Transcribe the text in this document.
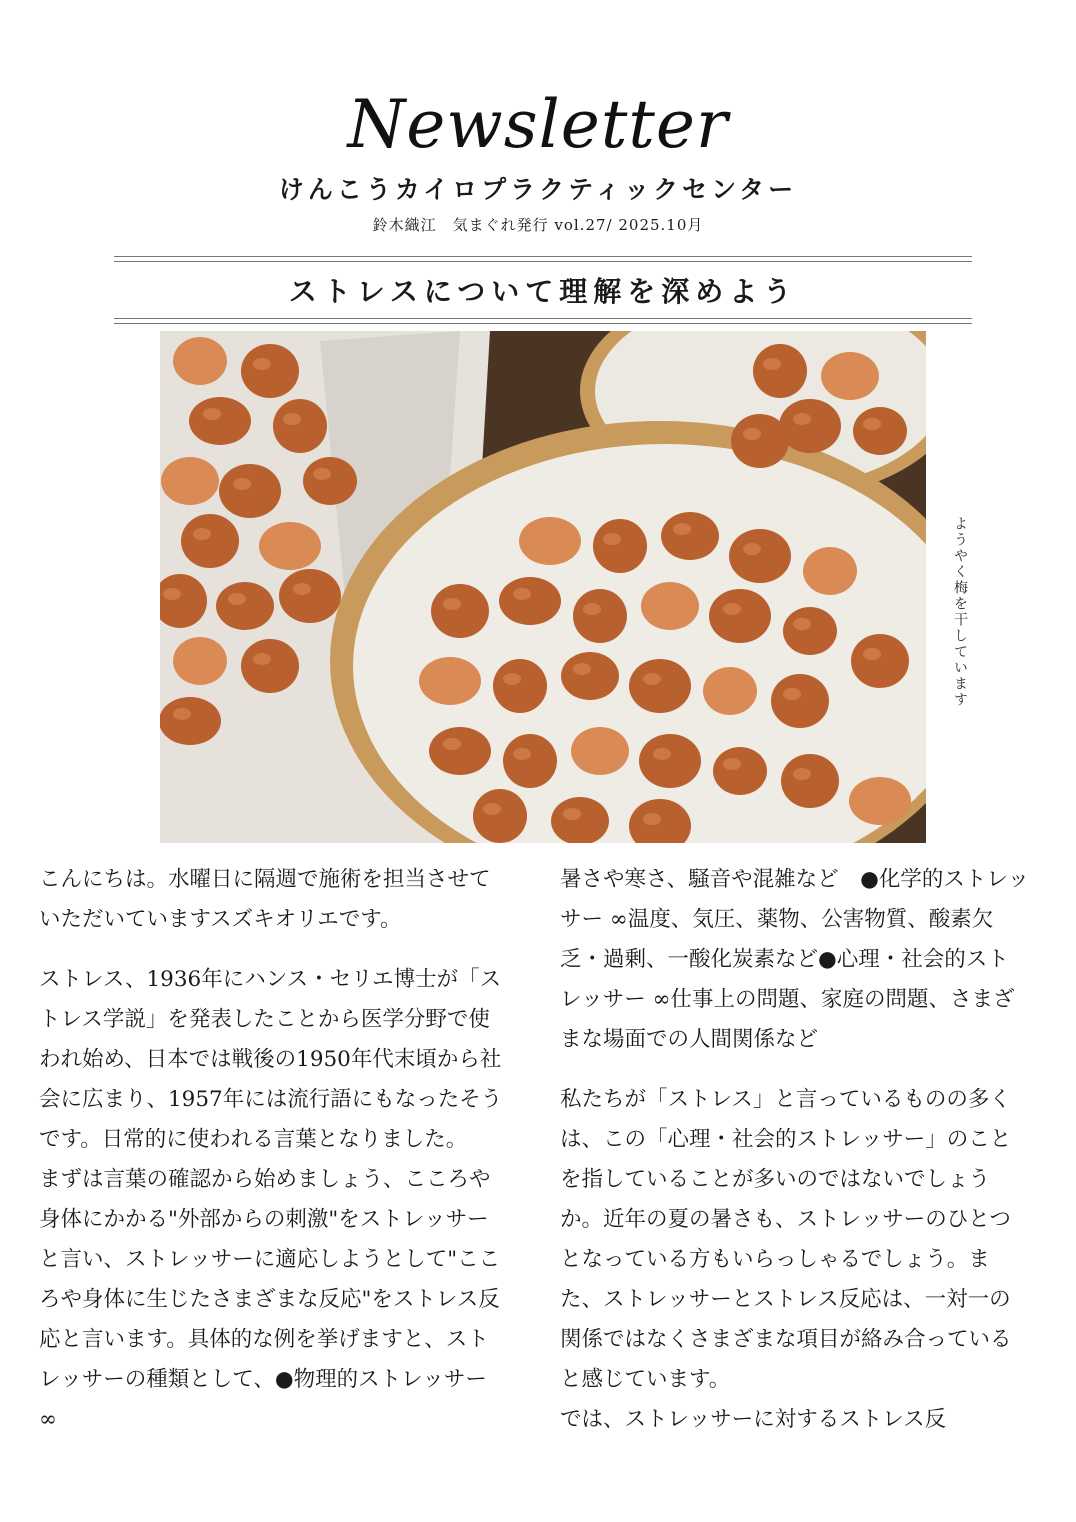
Newsletter
けんこうカイロプラクティックセンター
鈴木織江　気まぐれ発行 vol.27/ 2025.10月
ストレスについて理解を深めよう
ようやく梅を干しています

こんにちは。水曜日に隔週で施術を担当させていただいていますスズキオリエです。

ストレス、1936年にハンス・セリエ博士が「ストレス学説」を発表したことから医学分野で使われ始め、日本では戦後の1950年代末頃から社会に広まり、1957年には流行語にもなったそうです。日常的に使われる言葉となりました。

まずは言葉の確認から始めましょう、こころや身体にかかる"外部からの刺激"をストレッサーと言い、ストレッサーに適応しようとして"こころや身体に生じたさまざまな反応"をストレス反応と言います。具体的な例を挙げますと、ストレッサーの種類として、●物理的ストレッサー ∞

暑さや寒さ、騒音や混雑など　●化学的ストレッサー ∞温度、気圧、薬物、公害物質、酸素欠乏・過剰、一酸化炭素など●心理・社会的ストレッサー ∞仕事上の問題、家庭の問題、さまざまな場面での人間関係など

私たちが「ストレス」と言っているものの多くは、この「心理・社会的ストレッサー」のことを指していることが多いのではないでしょうか。近年の夏の暑さも、ストレッサーのひとつとなっている方もいらっしゃるでしょう。また、ストレッサーとストレス反応は、一対一の関係ではなくさまざまな項目が絡み合っていると感じています。

では、ストレッサーに対するストレス反
